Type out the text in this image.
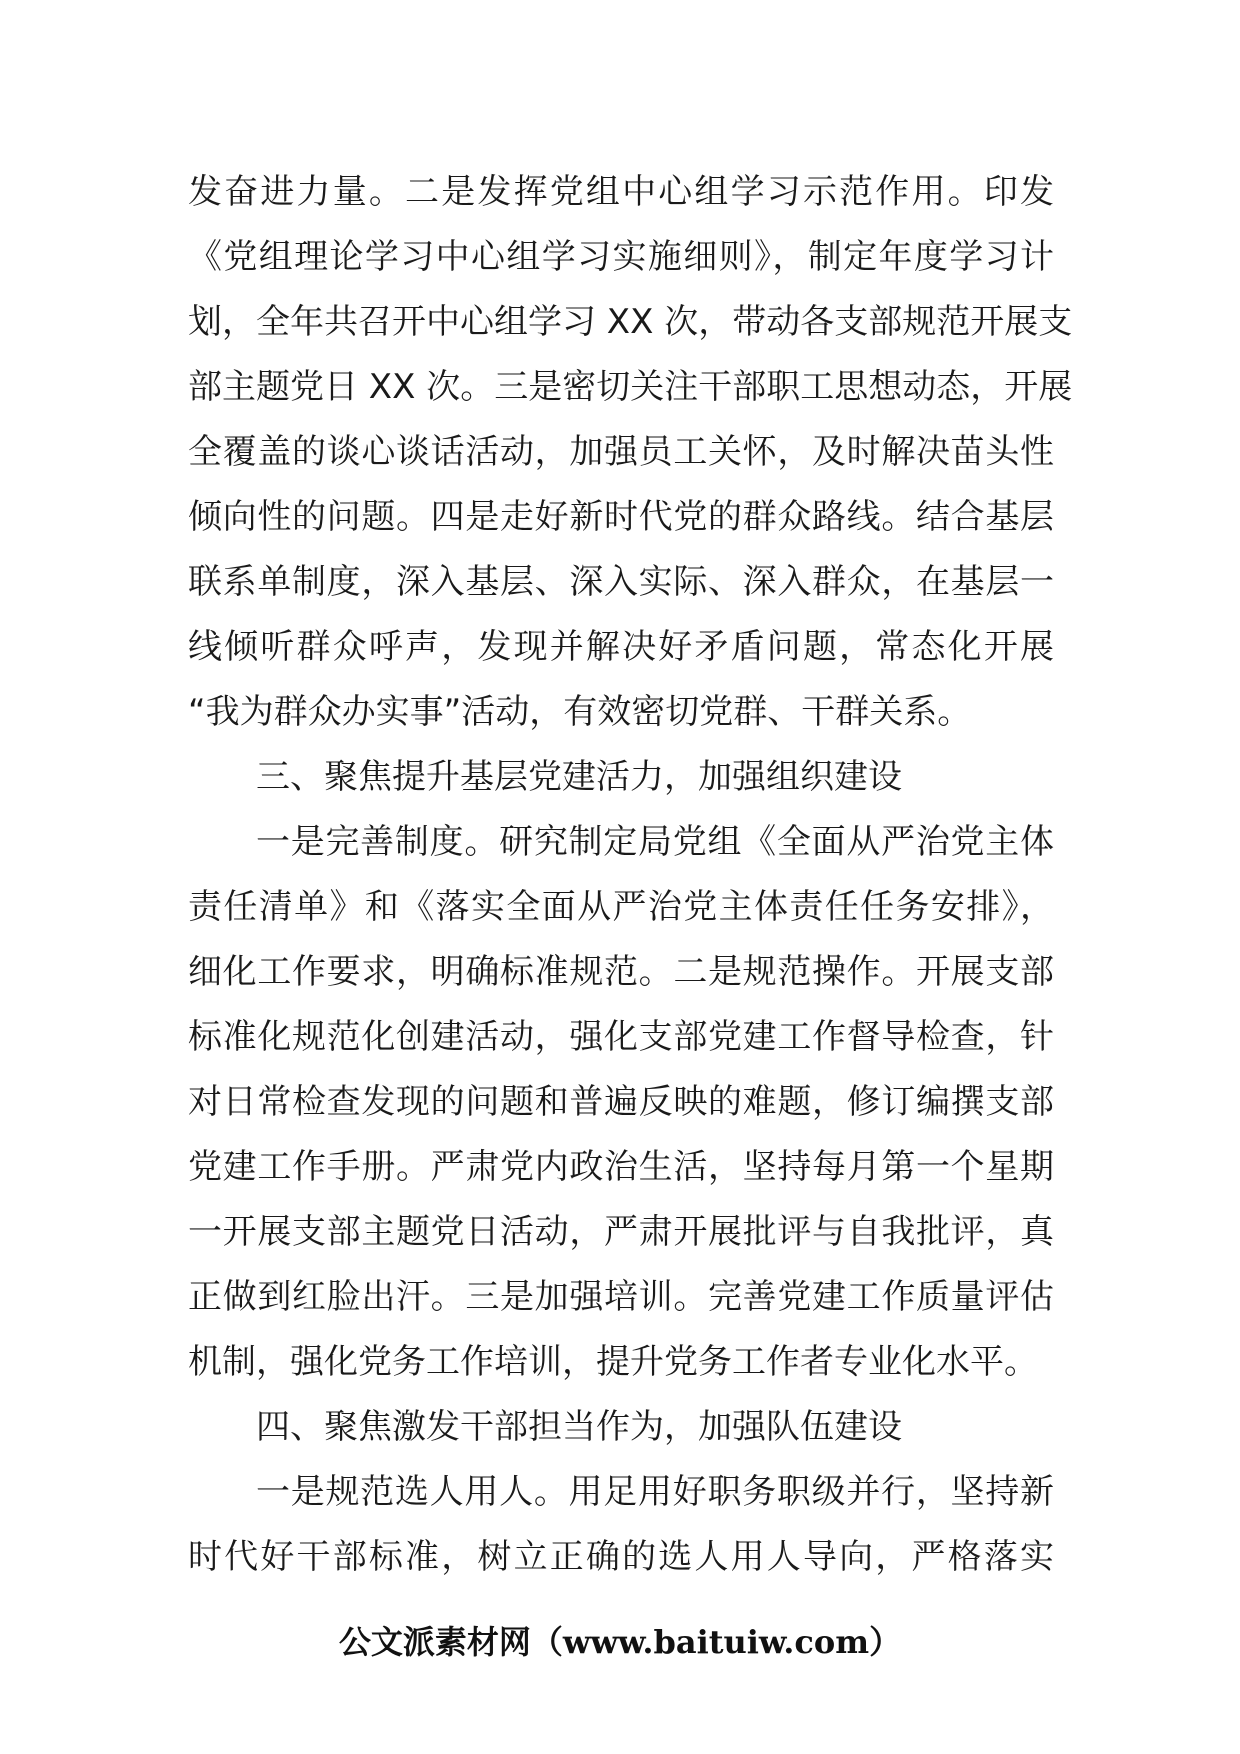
发奋进力量。二是发挥党组中心组学习示范作用。印发
《党组理论学习中心组学习实施细则》，制定年度学习计
划，全年共召开中心组学习 XX 次，带动各支部规范开展支
部主题党日 XX 次。三是密切关注干部职工思想动态，开展
全覆盖的谈心谈话活动，加强员工关怀，及时解决苗头性
倾向性的问题。四是走好新时代党的群众路线。结合基层
联系单制度，深入基层、深入实际、深入群众，在基层一
线倾听群众呼声，发现并解决好矛盾问题，常态化开展
“我为群众办实事”活动，有效密切党群、干群关系。
三、聚焦提升基层党建活力，加强组织建设
一是完善制度。研究制定局党组《全面从严治党主体
责任清单》和《落实全面从严治党主体责任任务安排》，
细化工作要求，明确标准规范。二是规范操作。开展支部
标准化规范化创建活动，强化支部党建工作督导检查，针
对日常检查发现的问题和普遍反映的难题，修订编撰支部
党建工作手册。严肃党内政治生活，坚持每月第一个星期
一开展支部主题党日活动，严肃开展批评与自我批评，真
正做到红脸出汗。三是加强培训。完善党建工作质量评估
机制，强化党务工作培训，提升党务工作者专业化水平。
四、聚焦激发干部担当作为，加强队伍建设
一是规范选人用人。用足用好职务职级并行，坚持新
时代好干部标准，树立正确的选人用人导向，严格落实
公文派素材网（www.baituiw.com）
